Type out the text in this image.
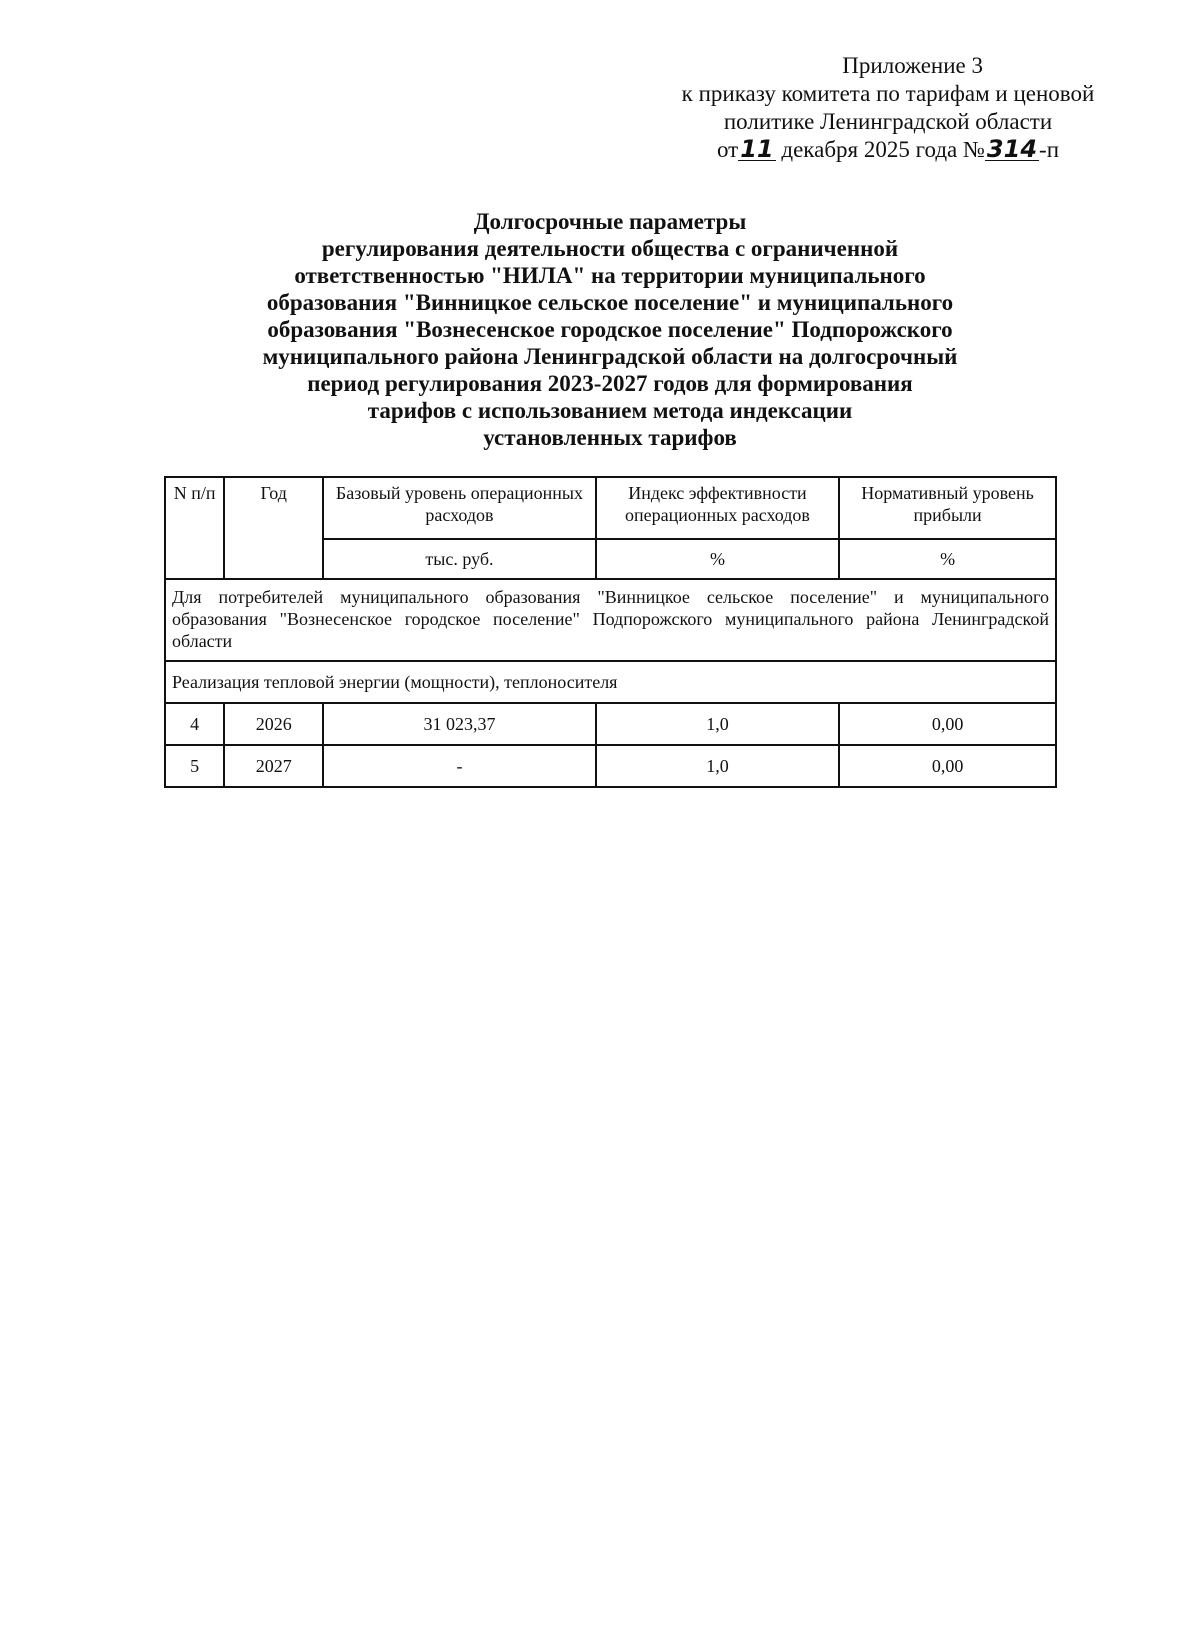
Приложение 3
к приказу комитета по тарифам и ценовой
политике Ленинградской области
от11 декабря 2025 года №314-п
Долгосрочные параметры
регулирования деятельности общества с ограниченной
ответственностью "НИЛА" на территории муниципального
образования "Винницкое сельское поселение" и муниципального
образования "Вознесенское городское поселение" Подпорожского
муниципального района Ленинградской области на долгосрочный
период регулирования 2023-2027 годов для формирования
тарифов с использованием метода индексации
установленных тарифов
N п/п	Год	Базовый уровень операционных расходов	Индекс эффективности операционных расходов	Нормативный уровень прибыли
		тыс. руб.	%	%
Для потребителей муниципального образования "Винницкое сельское поселение" и муниципального образования "Вознесенское городское поселение" Подпорожского муниципального района Ленинградской области				
Реализация тепловой энергии (мощности), теплоносителя				
4	2026	31 023,37	1,0	0,00
5	2027	-	1,0	0,00
